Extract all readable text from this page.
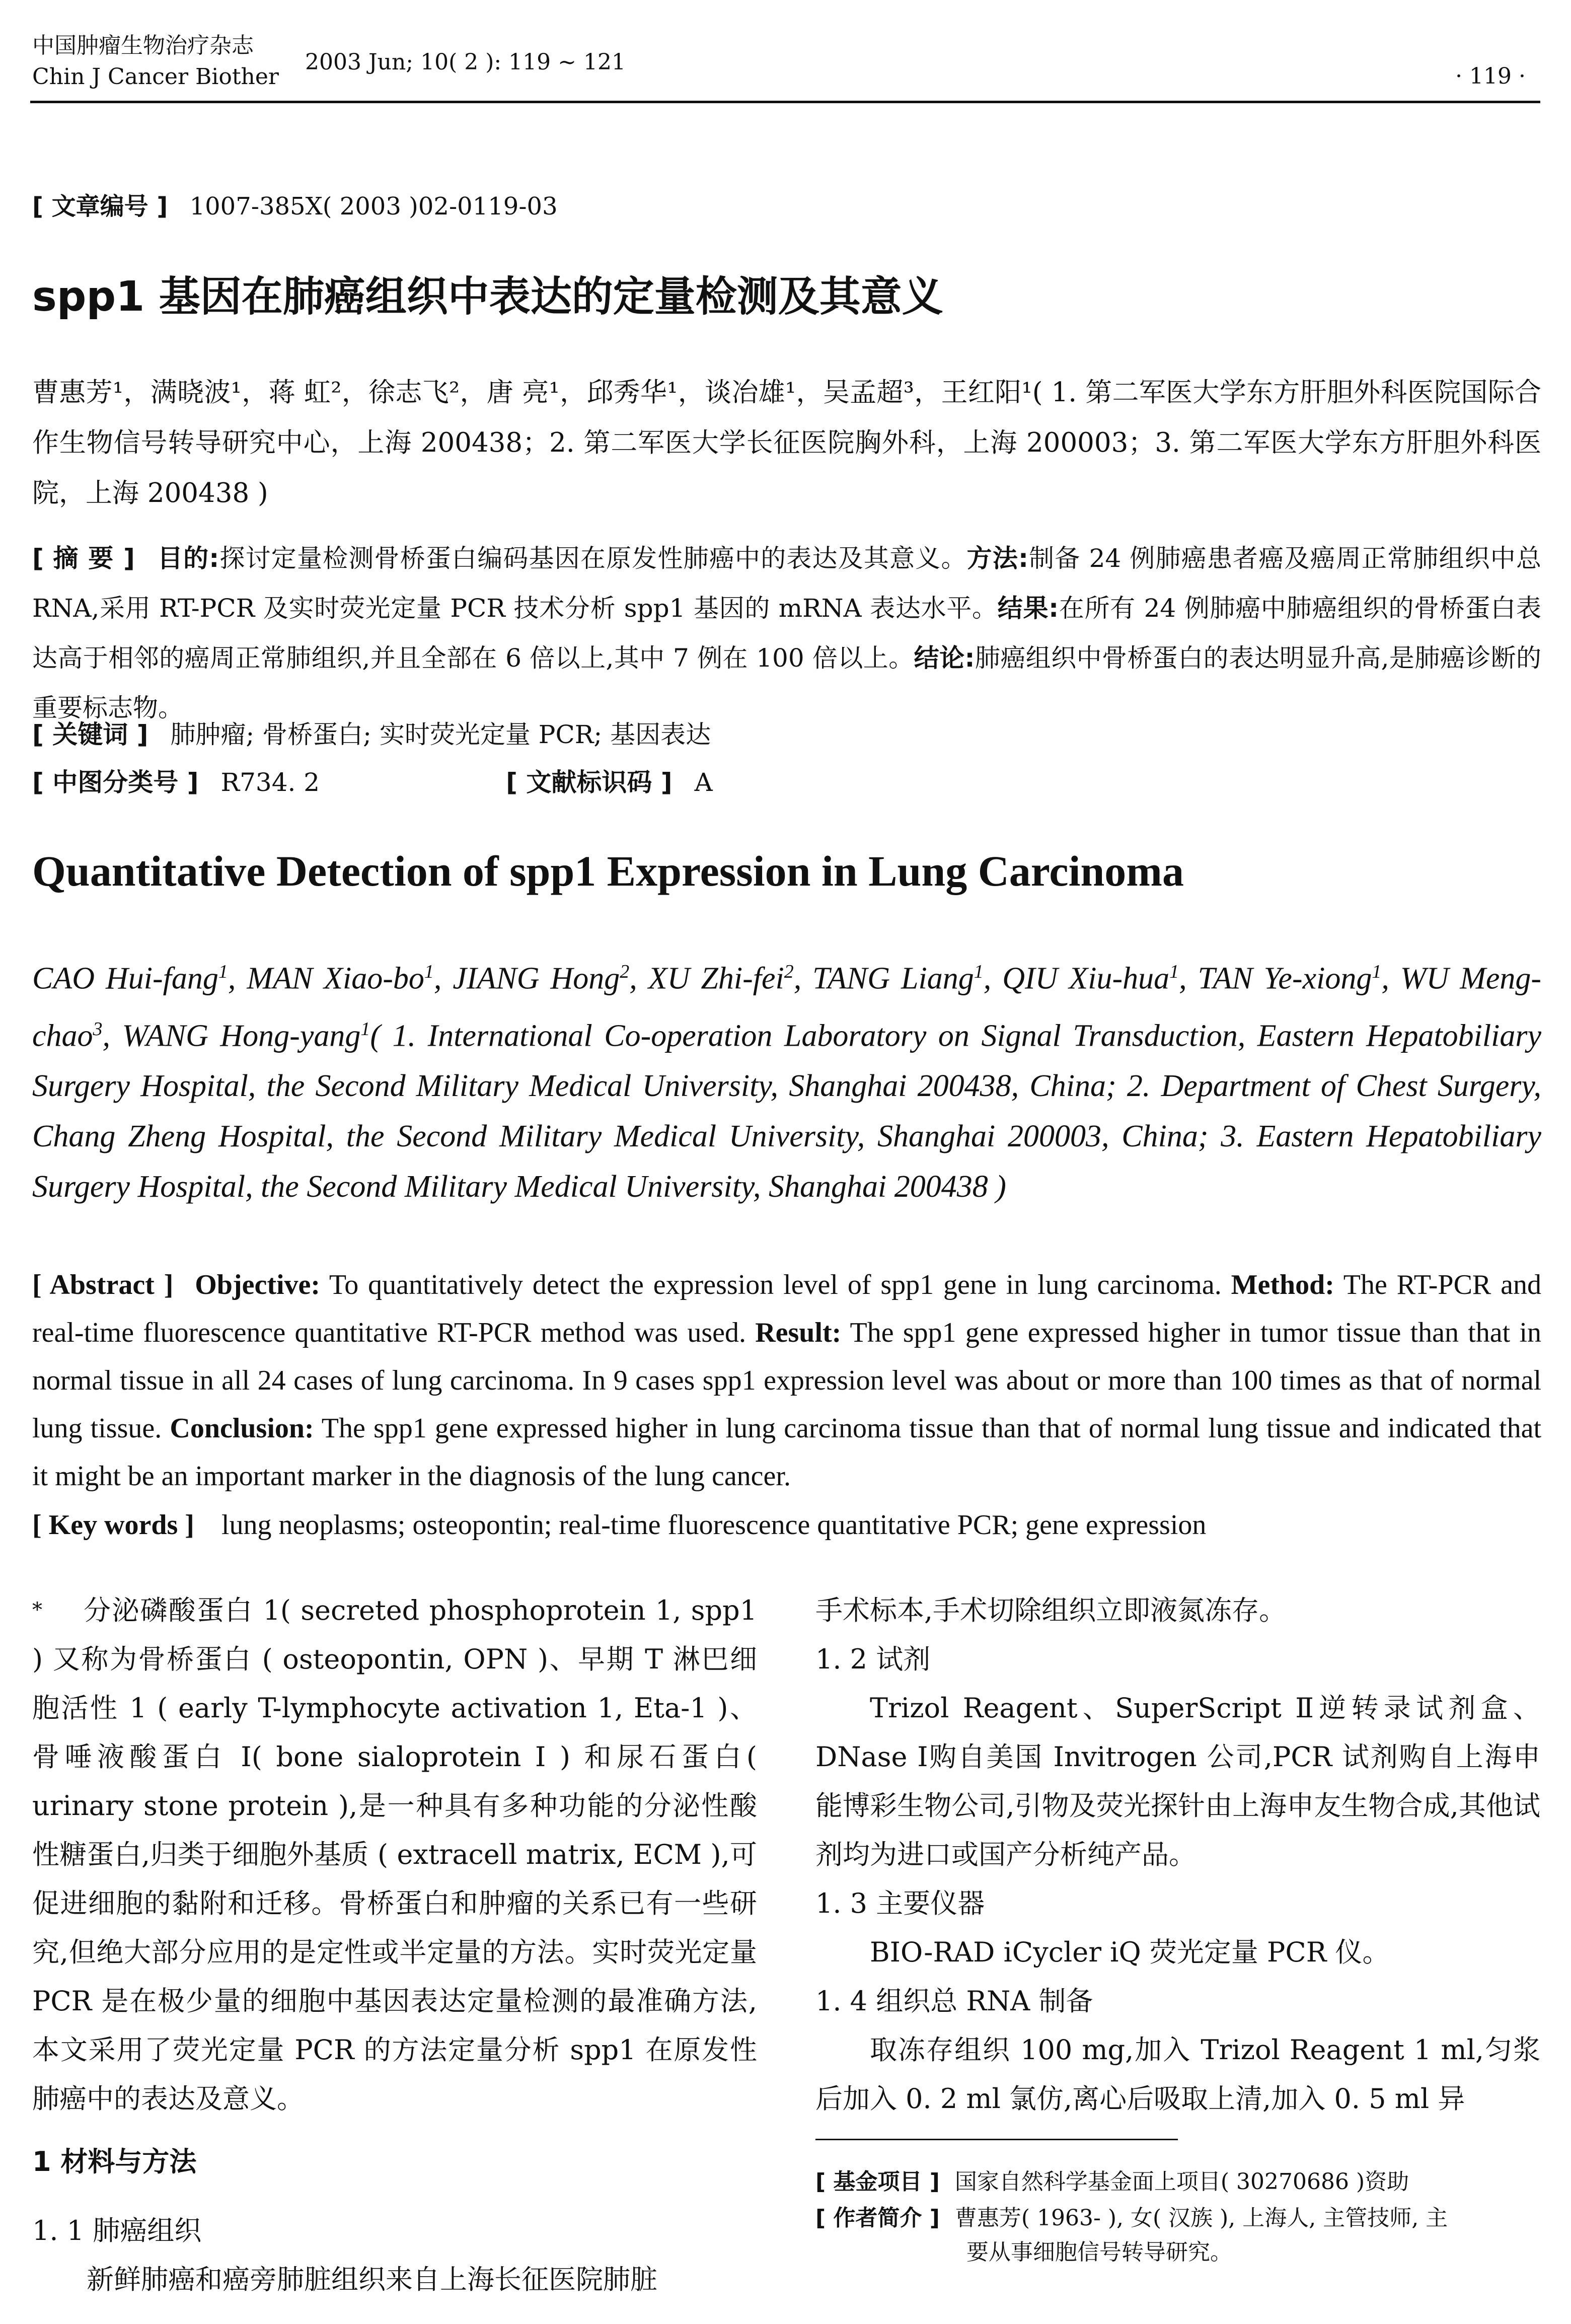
中国肿瘤生物治疗杂志
Chin J Cancer Biother
2003 Jun; 10( 2 ): 119 ~ 121
· 119 ·
[ 文章编号 ] 1007-385X( 2003 )02-0119-03
spp1 基因在肺癌组织中表达的定量检测及其意义

曹惠芳¹，满晓波¹，蒋 虹²，徐志飞²，唐 亮¹，邱秀华¹，谈冶雄¹，吴孟超³，王红阳¹( 1. 第二军医大学东方肝胆外科医院国际合作生物信号转导研究中心，上海 200438；2. 第二军医大学长征医院胸外科，上海 200003；3. 第二军医大学东方肝胆外科医院，上海 200438 )

[ 摘 要 ] 目的:探讨定量检测骨桥蛋白编码基因在原发性肺癌中的表达及其意义。方法:制备 24 例肺癌患者癌及癌周正常肺组织中总 RNA,采用 RT-PCR 及实时荧光定量 PCR 技术分析 spp1 基因的 mRNA 表达水平。结果:在所有 24 例肺癌中肺癌组织的骨桥蛋白表达高于相邻的癌周正常肺组织,并且全部在 6 倍以上,其中 7 例在 100 倍以上。结论:肺癌组织中骨桥蛋白的表达明显升高,是肺癌诊断的重要标志物。

[ 关键词 ] 肺肿瘤; 骨桥蛋白; 实时荧光定量 PCR; 基因表达

[ 中图分类号 ] R734. 2	[ 文献标识码 ] A

Quantitative Detection of spp1 Expression in Lung Carcinoma

CAO Hui-fang$^1$, MAN Xiao-$bo^1$, JIANG Hong$^2$, XU Zhi-fei$^2$, TANG Liang$^1$, QIU Xiu-hua$^1$, TAN Ye-xiong$^1$, WU Meng-chao$^3$, WANG Hong-yang$^1$( 1. International Co-operation Laboratory on Signal Transduction, Eastern Hepatobiliary Surgery Hospital, the Second Military Medical University, Shanghai 200438, China; 2. Department of Chest Surgery, Chang Zheng Hospital, the Second Military Medical University, Shanghai 200003, China; 3. Eastern Hepatobiliary Surgery Hospital, the Second Military Medical University, Shanghai 200438 )

[ Abstract ] Objective: To quantitatively detect the expression level of spp1 gene in lung carcinoma. Method: The RT-PCR and real-time fluorescence quantitative RT-PCR method was used. Result: The spp1 gene expressed higher in tumor tissue than that in normal tissue in all 24 cases of lung carcinoma. In 9 cases spp1 expression level was about or more than 100 times as that of normal lung tissue. Conclusion: The spp1 gene expressed higher in lung carcinoma tissue than that of normal lung tissue and indicated that it might be an important marker in the diagnosis of the lung cancer.

[ Key words ] lung neoplasms; osteopontin; real-time fluorescence quantitative PCR; gene expression

* 分泌磷酸蛋白 1( secreted phosphoprotein 1, spp1 ) 又称为骨桥蛋白 ( osteopontin, OPN )、早期 T 淋巴细胞活性 1 ( early T-lymphocyte activation 1, Eta-1 )、骨唾液酸蛋白 I( bone sialoprotein I ) 和尿石蛋白( urinary stone protein ),是一种具有多种功能的分泌性酸性糖蛋白,归类于细胞外基质 ( extracell matrix, ECM ),可促进细胞的黏附和迁移。骨桥蛋白和肿瘤的关系已有一些研究,但绝大部分应用的是定性或半定量的方法。实时荧光定量 PCR 是在极少量的细胞中基因表达定量检测的最准确方法,本文采用了荧光定量 PCR 的方法定量分析 spp1 在原发性肺癌中的表达及意义。

1 材料与方法

1. 1 肺癌组织

新鲜肺癌和癌旁肺脏组织来自上海长征医院肺脏

手术标本,手术切除组织立即液氮冻存。

1. 2 试剂

Trizol Reagent、SuperScript Ⅱ逆转录试剂盒、DNase Ⅰ购自美国 Invitrogen 公司,PCR 试剂购自上海申能博彩生物公司,引物及荧光探针由上海申友生物合成,其他试剂均为进口或国产分析纯产品。

1. 3 主要仪器

BIO-RAD iCycler iQ 荧光定量 PCR 仪。

1. 4 组织总 RNA 制备

取冻存组织 100 mg,加入 Trizol Reagent 1 ml,匀浆后加入 0. 2 ml 氯仿,离心后吸取上清,加入 0. 5 ml 异

[ 基金项目 ] 国家自然科学基金面上项目( 30270686 )资助

[ 作者简介 ] 曹惠芳( 1963- ), 女( 汉族 ), 上海人, 主管技师, 主
要从事细胞信号转导研究。
